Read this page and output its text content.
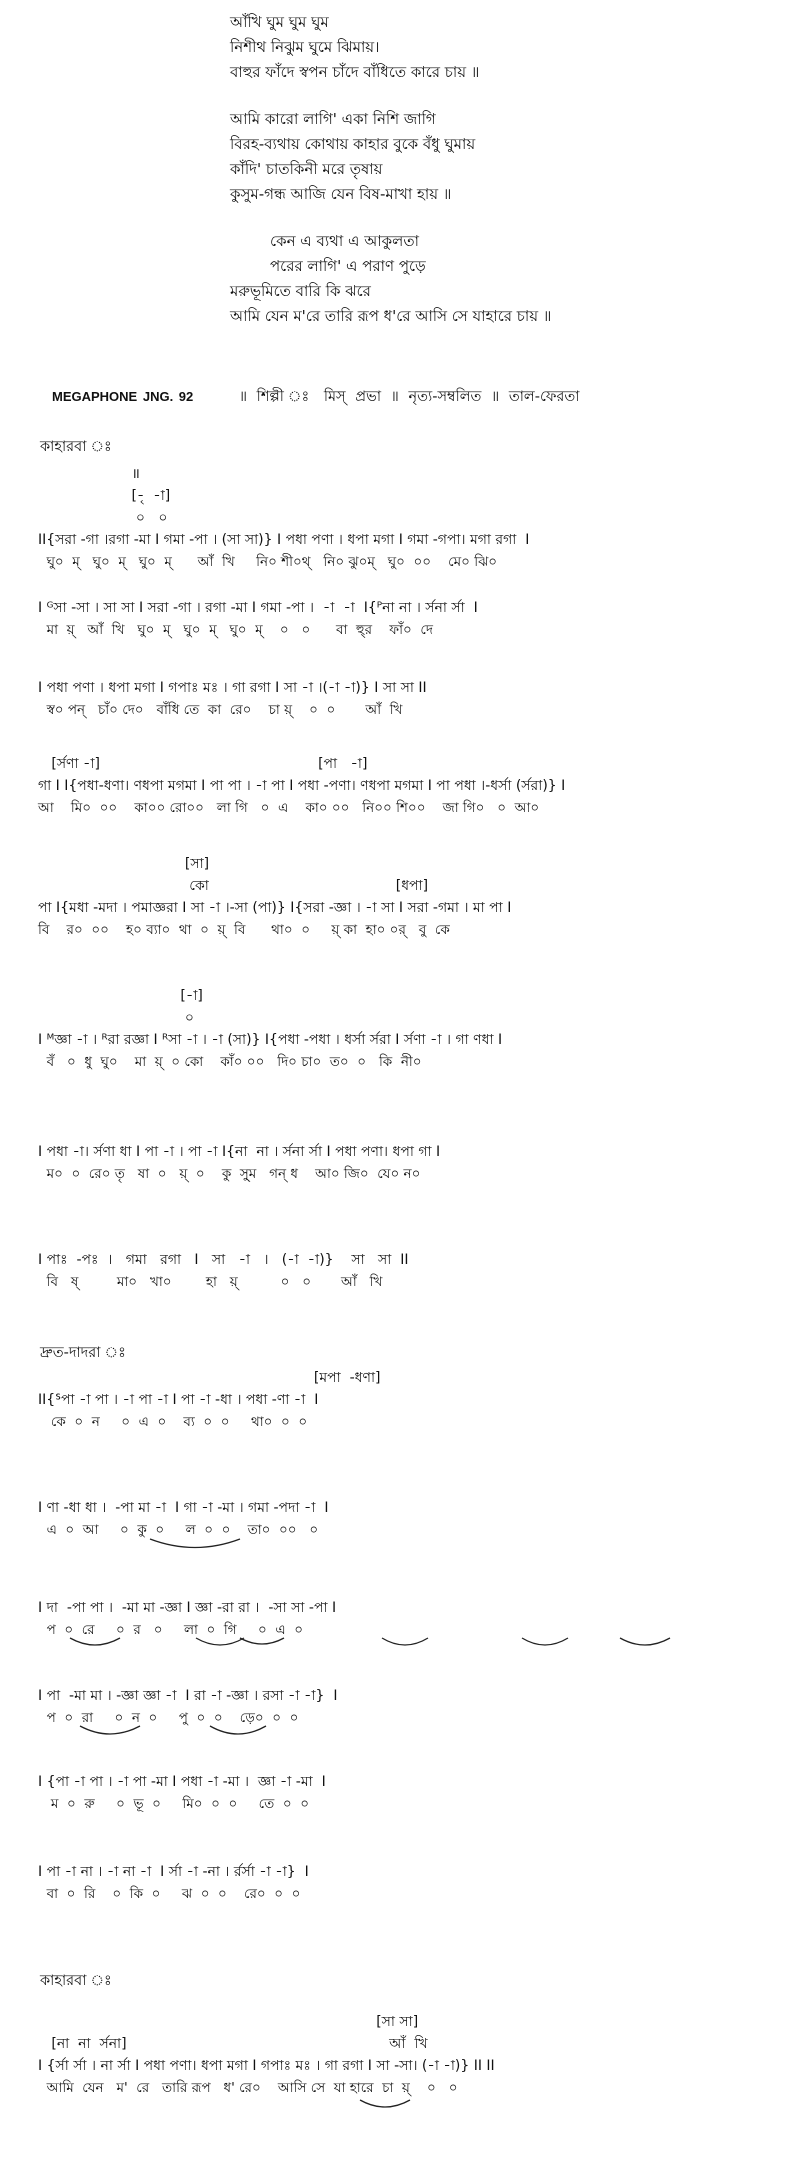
আঁখি ঘুম ঘুম ঘুম
নিশীথ নিঝুম ঘুমে ঝিমায়।
বাহুর ফাঁদে স্বপন চাঁদে বাঁধিতে কারে চায় ॥
আমি কারো লাগি' একা নিশি জাগি
বিরহ-ব্যথায় কোথায় কাহার বুকে বঁধু ঘুমায়
কাঁদি' চাতকিনী মরে তৃষায়
কুসুম-গন্ধ আজি যেন বিষ-মাখা হায় ॥
কেন এ ব্যথা এ আকুলতা
পরের লাগি' এ পরাণ পুড়ে
মরুভূমিতে বারি কি ঝরে
আমি যেন ম'রে তারি রূপ ধ'রে আসি সে যাহারে চায় ॥
MEGAPHONE JNG. 92	॥ শিল্পী ঃ মিস্ প্রভা ॥ নৃত্য-সম্বলিত ॥ তাল-ফেরতা
কাহারবা ঃ
॥
[-ৃ  -া]
০   ০
II{সরা -গা ।রগা -মা I গমা -পা । (সা সা)} I পধা পণা । ধপা মগা I গমা -গপা। মগা রগা  I
ঘু০  ম্   ঘু০  ম্   ঘু০  ম্      আঁ  খি     নি০ শী০থ্   নি০ ঝু০ম্   ঘু০  ০০    মে০ ঝি০
I ᴳসা -সা । সা সা I সরা -গা । রগা -মা I গমা -পা ।  -া  -া  I{ᴾনা না । র্সনা র্সা  I
মা  য়্   আঁ  খি   ঘু০  ম্   ঘু০  ম্   ঘু০  ম্    ০   ০      বা  হু্র    ফাঁ০  দে
I পধা পণা । ধপা মগা I গপাঃ মঃ । গা রগা I সা -া ।(-া -া)} I সা সা II
স্ব০ পন্   চাঁ০ দে০   বাঁধি তে  কা  রে০    চা য়্    ০  ০       আঁ  খি
[র্সণা -া]                                                 [পা   -া]
গা I I{পধা-ধণা। ণধপা মগমা I পা পা । -া পা I পধা -পণা। ণধপা মগমা I পা পধা ।-ধর্সা (র্সরা)} I
আ    মি০  ০০    কা০০ রো০০   লা গি   ০  এ    কা০ ০০   নি০০ শি০০    জা গি০   ০  আ০
[সা]
কো                                          [ধপা]
পা I{মধা -মদা । পমাজ্ঞরা I সা -া ।-সা (পা)} I{সরা -জ্ঞা । -া সা I সরা -গমা । মা পা I
বি    র০  ০০    হ০ ব্যা০  থা  ০  য়্  বি      থা০  ০     য়্ কা  হা০ ০র্   বু  কে
[-া]
০
I ᴹজ্ঞা -া । ᴿরা রজ্ঞা I ᴿসা -া । -া (সা)} I{পধা -পধা । ধর্সা র্সরা I র্সণা -া । গা ণধা I
বঁ   ০  ধু  ঘু০    মা  য়্  ০ কো    কাঁ০ ০০   দি০ চা০  ত০  ০   কি  নী০
I পধা -া। র্সণা ধা I পা -া । পা -া I{না  না । র্সনা র্সা I পধা পণা। ধপা গা I
ম০  ০  রে০ তৃ   ষা  ০   য়্  ০    কু  সু্ম   গন্ ধ    আ০ জি০  যে০ ন০
I পাঃ  -পঃ  ।   গমা   রগা   I   সা   -া   ।   (-া  -া)}    সা   সা  II
বি   ষ্         মা০   খা০        হা   য়্          ০   ০       আঁ   খি
দ্রুত-দাদরা ঃ
[মপা  -ধণা]
II{ᔆপা -া পা । -া পা -া I পা -া -ধা । পধা -ণা -া  I
কে  ০  ন     ০  এ  ০    ব্য  ০  ০     থা০  ০  ০
I ণা -ধা ধা ।  -পা মা -া  I গা -া -মা । গমা -পদা -া  I
এ  ০  আ     ০  কু  ০     ল  ০  ০    তা০  ০০   ০
I দা  -পা পা ।  -মা মা -জ্ঞা I জ্ঞা -রা রা ।  -সা সা -পা I
প  ০  রে     ০  র   ০     লা  ০  গি     ০  এ  ০
I পা  -মা মা । -জ্ঞা জ্ঞা -া  I রা -া -জ্ঞা । রসা -া -া}  I
প  ০  রা     ০  ন  ০     পু  ০  ০    ড়ে০  ০  ০
I {পা -া পা । -া পা -মা I পধা -া -মা ।  জ্ঞা -া -মা  I
ম  ০  রু     ০  ভূ  ০     মি০  ০  ০     তে  ০  ০
I পা -া না । -া না -া  I র্সা -া -না । র্রর্সা -া -া}  I
বা  ০  রি    ০  কি  ০     ঝ  ০  ০    রে০  ০  ০
কাহারবা ঃ
[সা সা]
[না  না  র্সনা]                                                           আঁ  খি
I {র্সা র্সা । না র্সা I পধা পণা। ধপা মগা I গপাঃ মঃ । গা রগা I সা -সা। (-া -া)} II II
আমি  যেন   ম'  রে   তারি রূপ   ধ' রে০    আসি সে  যা হারে  চা  য়্    ০   ০
